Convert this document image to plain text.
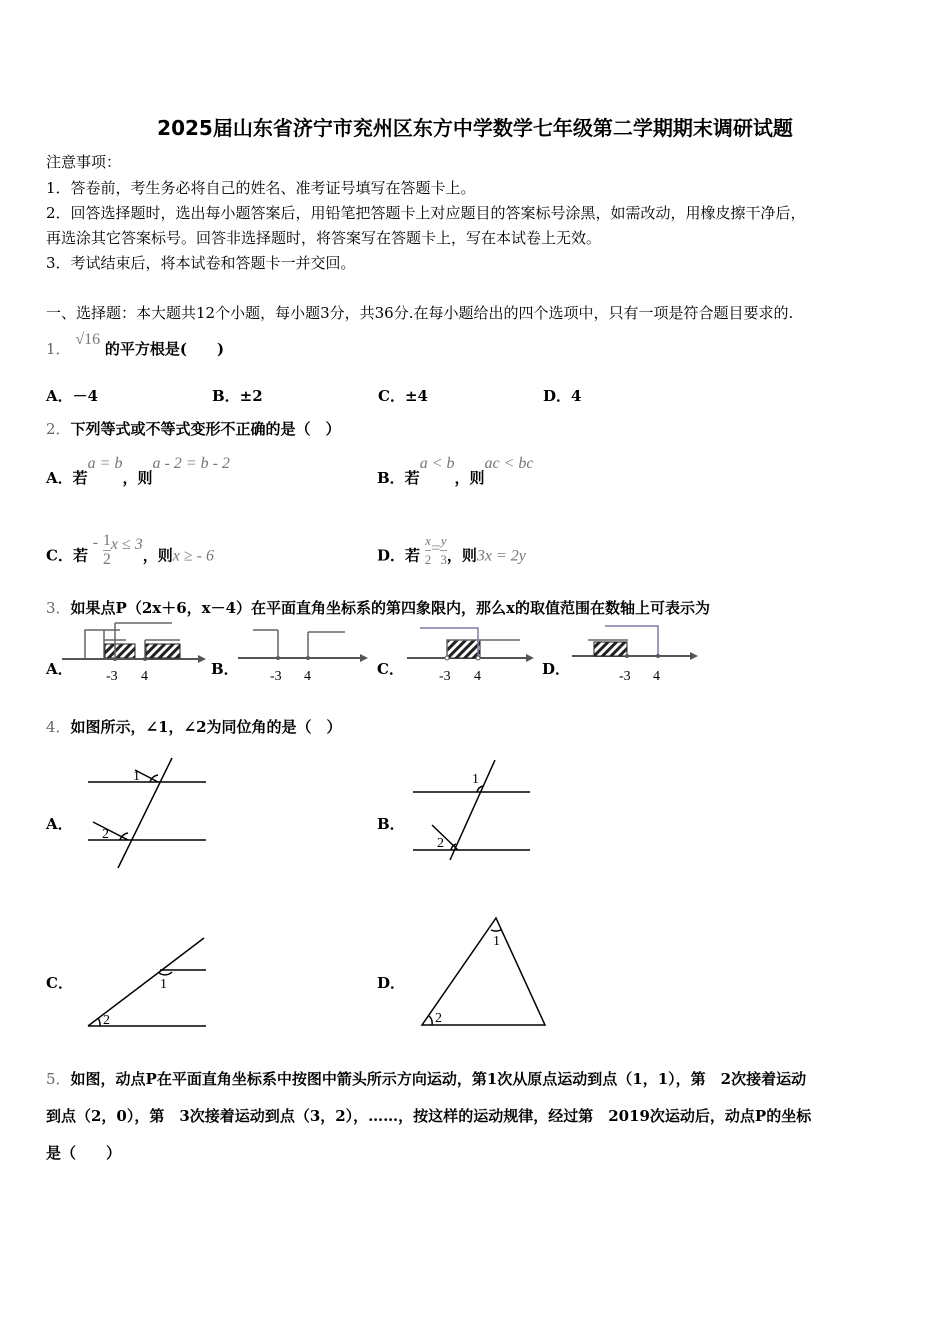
2025届山东省济宁市兖州区东方中学数学七年级第二学期期末调研试题
注意事项：
1．答卷前，考生务必将自己的姓名、准考证号填写在答题卡上。
2．回答选择题时，选出每小题答案后，用铅笔把答题卡上对应题目的答案标号涂黑，如需改动，用橡皮擦干净后，
再选涂其它答案标号。回答非选择题时，将答案写在答题卡上，写在本试卷上无效。
3．考试结束后，将本试卷和答题卡一并交回。
一、选择题：本大题共12个小题，每小题3分，共36分.在每小题给出的四个选项中，只有一项是符合题目要求的.
1． √16 的平方根是(　　)
A．－4	B．±2	C．±4	D．4
2．下列等式或不等式变形不正确的是（　）
A．若a = b，则a - 2 = b - 2
B．若a < b，则ac < bc
C．若 - $\frac{1}{2}$ x ≤ 3，则x ≥ - 6	D．若 $\frac{x}{2} = \frac{y}{3}$ ，则3x = 2y
3．如果点P（2x＋6，x－4）在平面直角坐标系的第四象限内，那么x的取值范围在数轴上可表示为
A．	B．	C．	D．
-3 4	-3 4	-3 4	-3 4
4．如图所示，∠1，∠2为同位角的是（　）
A．	B．
C．	D．
1
2
1
2
1
2
1
2
5．如图，动点P在平面直角坐标系中按图中箭头所示方向运动，第1次从原点运动到点（1，1），第　2次接着运动
到点（2，0），第　3次接着运动到点（3，2），……，按这样的运动规律，经过第　2019次运动后，动点P的坐标
是（　　）
